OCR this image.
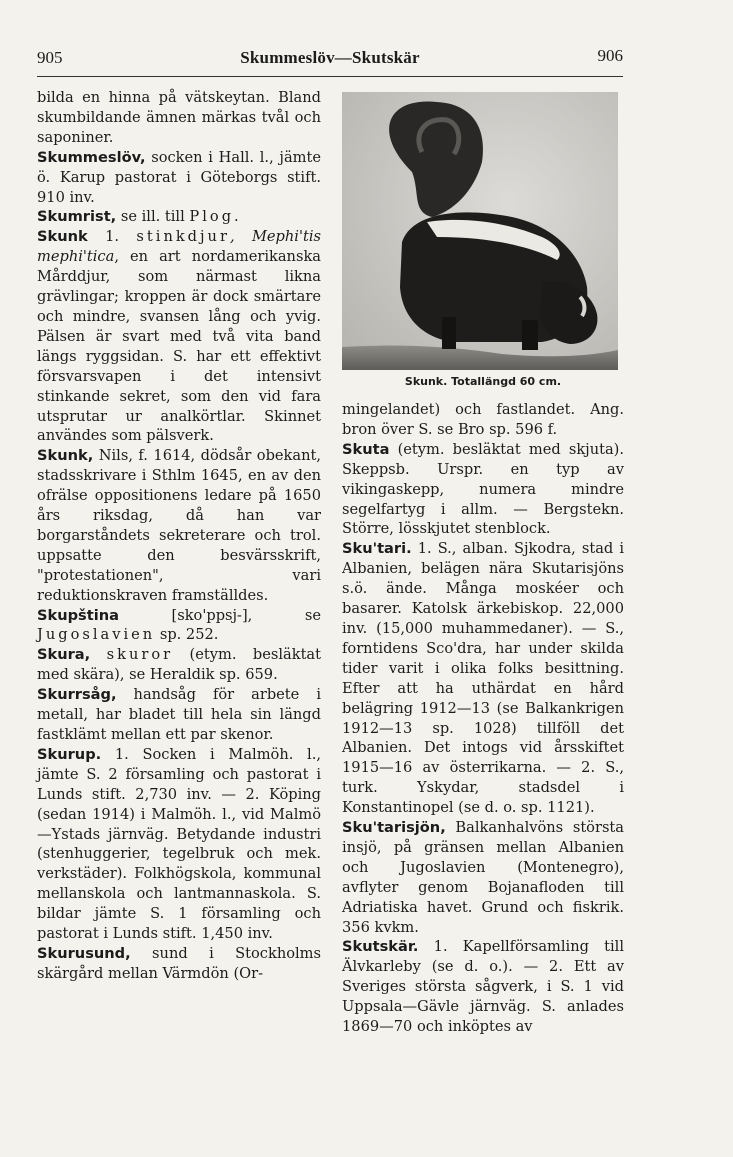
905	Skummeslöv—Skutskär	906

bilda en hinna på vätskeytan. Bland skumbildande ämnen märkas tvål och saponiner.

Skummeslöv, socken i Hall. l., jämte ö. Karup pastorat i Göteborgs stift. 910 inv.

Skumrist, se ill. till Plog.

Skunk 1. stinkdjur, Mephi'tis mephi'tica, en art nordamerikanska Mårddjur, som närmast likna grävlingar; kroppen är dock smärtare och mindre, svansen lång och yvig. Pälsen är svart med två vita band längs ryggsidan. S. har ett effektivt försvarsvapen i det intensivt stinkande sekret, som den vid fara utsprutar ur analkörtlar. Skinnet användes som pälsverk.

Skunk, Nils, f. 1614, dödsår obekant, stadsskrivare i Sthlm 1645, en av den ofrälse oppositionens ledare på 1650 års riksdag, då han var borgarståndets sekreterare och trol. uppsatte den besvärsskrift, "protestationen", vari reduktionskraven framställdes.

Skupština [sko'ppsj-], se Jugoslavien sp. 252.

Skura, skuror (etym. besläktat med skära), se Heraldik sp. 659.

Skurrsåg, handsåg för arbete i metall, har bladet till hela sin längd fastklämt mellan ett par skenor.

Skurup. 1. Socken i Malmöh. l., jämte S. 2 församling och pastorat i Lunds stift. 2,730 inv. — 2. Köping (sedan 1914) i Malmöh. l., vid Malmö—Ystads järnväg. Betydande industri (stenhuggerier, tegelbruk och mek. verkstäder). Folkhögskola, kommunal mellanskola och lantmannaskola. S. bildar jämte S. 1 församling och pastorat i Lunds stift. 1,450 inv.

Skurusund, sund i Stockholms skärgård mellan Värmdön (Or-

Skunk. Totallängd 60 cm.

mingelandet) och fastlandet. Ang. bron över S. se Bro sp. 596 f.

Skuta (etym. besläktat med skjuta). Skeppsb. Urspr. en typ av vikingaskepp, numera mindre segelfartyg i allm. — Bergstekn. Större, lösskjutet stenblock.

Sku'tari. 1. S., alban. Sjkodra, stad i Albanien, belägen nära Skutarisjöns s.ö. ände. Många moskéer och basarer. Katolsk ärkebiskop. 22,000 inv. (15,000 muhammedaner). — S., forntidens Sco'dra, har under skilda tider varit i olika folks besittning. Efter att ha uthärdat en hård belägring 1912—13 (se Balkankrigen 1912—13 sp. 1028) tillföll det Albanien. Det intogs vid årsskiftet 1915—16 av österrikarna. — 2. S., turk. Yskydar, stadsdel i Konstantinopel (se d. o. sp. 1121).

Sku'tarisjön, Balkanhalvöns största insjö, på gränsen mellan Albanien och Jugoslavien (Montenegro), avflyter genom Bojanafloden till Adriatiska havet. Grund och fiskrik. 356 kvkm.

Skutskär. 1. Kapellförsamling till Älvkarleby (se d. o.). — 2. Ett av Sveriges största sågverk, i S. 1 vid Uppsala—Gävle järnväg. S. anlades 1869—70 och inköptes av
